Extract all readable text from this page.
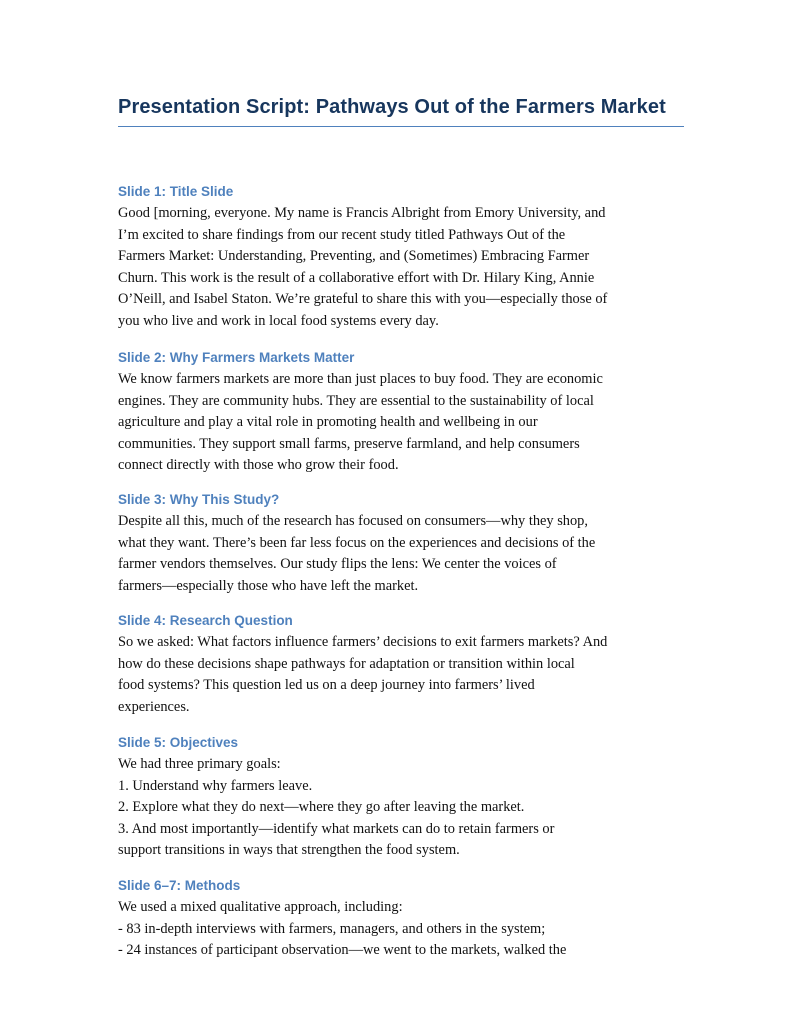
Presentation Script: Pathways Out of the Farmers Market
Slide 1: Title Slide

Good [morning, everyone. My name is Francis Albright from Emory University, and
I’m excited to share findings from our recent study titled Pathways Out of the
Farmers Market: Understanding, Preventing, and (Sometimes) Embracing Farmer
Churn. This work is the result of a collaborative effort with Dr. Hilary King, Annie
O’Neill, and Isabel Staton. We’re grateful to share this with you—especially those of
you who live and work in local food systems every day.

Slide 2: Why Farmers Markets Matter

We know farmers markets are more than just places to buy food. They are economic
engines. They are community hubs. They are essential to the sustainability of local
agriculture and play a vital role in promoting health and wellbeing in our
communities. They support small farms, preserve farmland, and help consumers
connect directly with those who grow their food.

Slide 3: Why This Study?

Despite all this, much of the research has focused on consumers—why they shop,
what they want. There’s been far less focus on the experiences and decisions of the
farmer vendors themselves. Our study flips the lens: We center the voices of
farmers—especially those who have left the market.

Slide 4: Research Question

So we asked: What factors influence farmers’ decisions to exit farmers markets? And
how do these decisions shape pathways for adaptation or transition within local
food systems? This question led us on a deep journey into farmers’ lived
experiences.

Slide 5: Objectives

We had three primary goals:
1. Understand why farmers leave.
2. Explore what they do next—where they go after leaving the market.
3. And most importantly—identify what markets can do to retain farmers or
support transitions in ways that strengthen the food system.

Slide 6–7: Methods

We used a mixed qualitative approach, including:
- 83 in-depth interviews with farmers, managers, and others in the system;
- 24 instances of participant observation—we went to the markets, walked the
